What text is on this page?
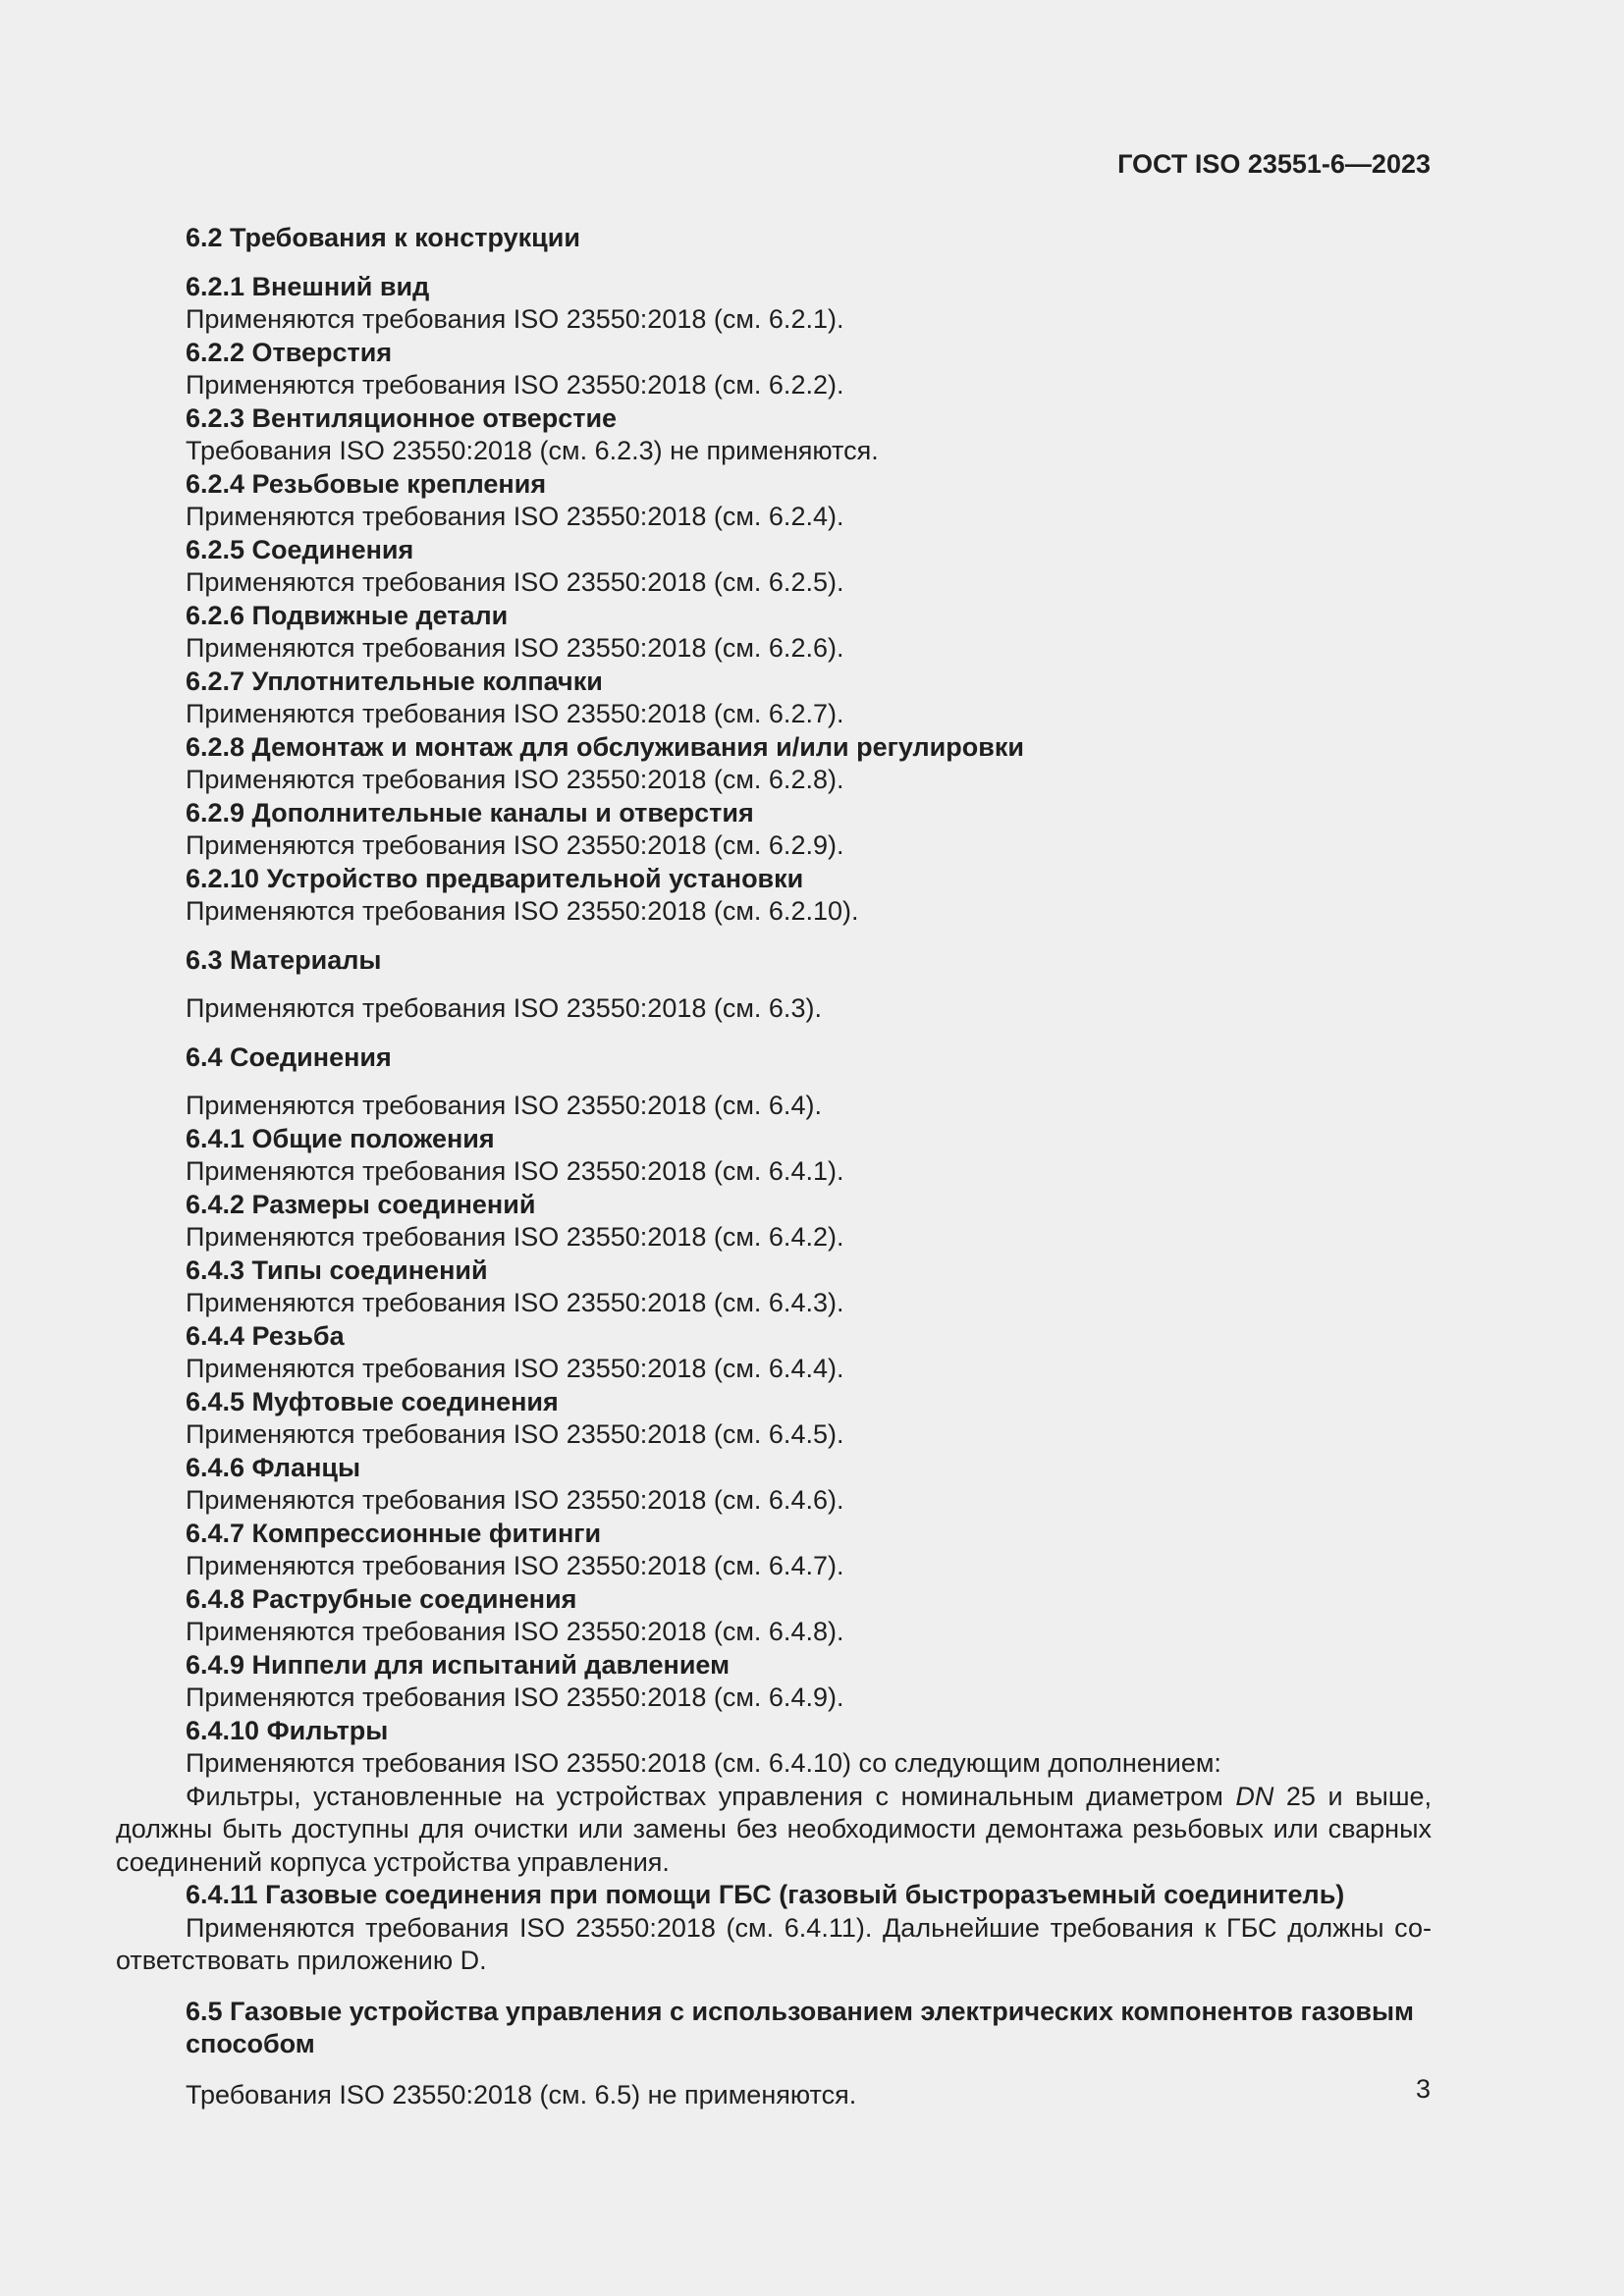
ГОСТ ISO 23551-6—2023
6.2 Требования к конструкции
6.2.1 Внешний вид
Применяются требования ISO 23550:2018 (см. 6.2.1).
6.2.2 Отверстия
Применяются требования ISO 23550:2018 (см. 6.2.2).
6.2.3 Вентиляционное отверстие
Требования ISO 23550:2018 (см. 6.2.3) не применяются.
6.2.4 Резьбовые крепления
Применяются требования ISO 23550:2018 (см. 6.2.4).
6.2.5 Соединения
Применяются требования ISO 23550:2018 (см. 6.2.5).
6.2.6 Подвижные детали
Применяются требования ISO 23550:2018 (см. 6.2.6).
6.2.7 Уплотнительные колпачки
Применяются требования ISO 23550:2018 (см. 6.2.7).
6.2.8 Демонтаж и монтаж для обслуживания и/или регулировки
Применяются требования ISO 23550:2018 (см. 6.2.8).
6.2.9 Дополнительные каналы и отверстия
Применяются требования ISO 23550:2018 (см. 6.2.9).
6.2.10 Устройство предварительной установки
Применяются требования ISO 23550:2018 (см. 6.2.10).
6.3 Материалы
Применяются требования ISO 23550:2018 (см. 6.3).
6.4 Соединения
Применяются требования ISO 23550:2018 (см. 6.4).
6.4.1 Общие положения
Применяются требования ISO 23550:2018 (см. 6.4.1).
6.4.2 Размеры соединений
Применяются требования ISO 23550:2018 (см. 6.4.2).
6.4.3 Типы соединений
Применяются требования ISO 23550:2018 (см. 6.4.3).
6.4.4 Резьба
Применяются требования ISO 23550:2018 (см. 6.4.4).
6.4.5 Муфтовые соединения
Применяются требования ISO 23550:2018 (см. 6.4.5).
6.4.6 Фланцы
Применяются требования ISO 23550:2018 (см. 6.4.6).
6.4.7 Компрессионные фитинги
Применяются требования ISO 23550:2018 (см. 6.4.7).
6.4.8 Раструбные соединения
Применяются требования ISO 23550:2018 (см. 6.4.8).
6.4.9 Ниппели для испытаний давлением
Применяются требования ISO 23550:2018 (см. 6.4.9).
6.4.10 Фильтры
Применяются требования ISO 23550:2018 (см. 6.4.10) со следующим дополнением:
Фильтры, установленные на устройствах управления с номинальным диаметром DN 25 и выше, должны быть доступны для очистки или замены без необходимости демонтажа резьбовых или сварных соединений корпуса устройства управления.
6.4.11 Газовые соединения при помощи ГБС (газовый быстроразъемный соединитель)
Применяются требования ISO 23550:2018 (см. 6.4.11). Дальнейшие требования к ГБС должны со-ответствовать приложению D.
6.5 Газовые устройства управления с использованием электрических компонентов газовым способом
Требования ISO 23550:2018 (см. 6.5) не применяются.	3
